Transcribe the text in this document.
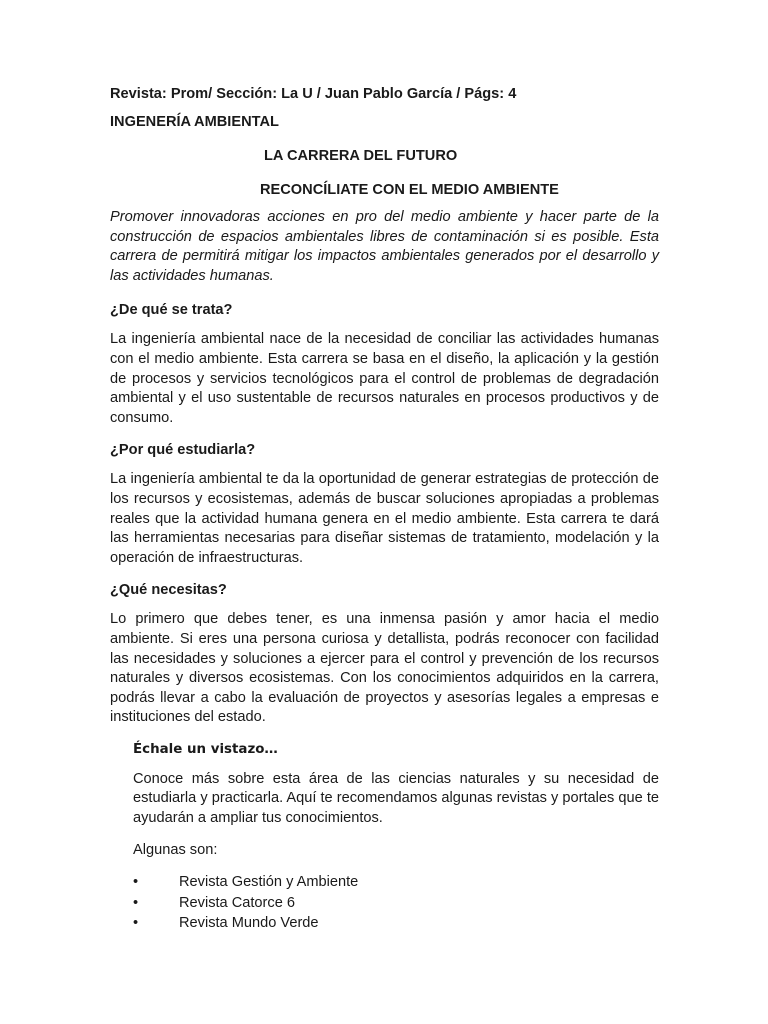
Revista: Prom/ Sección: La U / Juan Pablo García / Págs: 4
INGENERÍA AMBIENTAL
LA CARRERA DEL FUTURO
RECONCÍLIATE CON EL MEDIO AMBIENTE

Promover innovadoras acciones en pro del medio ambiente y hacer parte de la construcción de espacios ambientales libres de contaminación si es posible. Esta carrera de permitirá mitigar los impactos ambientales generados por el desarrollo y las actividades humanas.

¿De qué se trata?

La ingeniería ambiental nace de la necesidad de conciliar las actividades humanas con el medio ambiente. Esta carrera se basa en el diseño, la aplicación y la gestión de procesos y servicios tecnológicos para el control de problemas de degradación ambiental y el uso sustentable de recursos naturales en procesos productivos y de consumo.

¿Por qué estudiarla?

La ingeniería ambiental te da la oportunidad de generar estrategias de protección de los recursos y ecosistemas, además de buscar soluciones apropiadas a problemas reales que la actividad humana genera en el medio ambiente. Esta carrera te dará las herramientas necesarias para diseñar sistemas de tratamiento, modelación y la operación de infraestructuras.

¿Qué necesitas?

Lo primero que debes tener, es una inmensa pasión y amor hacia el medio ambiente. Si eres una persona curiosa y detallista, podrás reconocer con facilidad las necesidades y soluciones a ejercer para el control y prevención de los recursos naturales y diversos ecosistemas. Con los conocimientos adquiridos en la carrera, podrás llevar a cabo la evaluación de proyectos y asesorías legales a empresas e instituciones del estado.

Échale un vistazo…

Conoce más sobre esta área de las ciencias naturales y su necesidad de estudiarla y practicarla. Aquí te recomendamos algunas revistas y portales que te ayudarán a ampliar tus conocimientos.

Algunas son:

•	Revista Gestión y Ambiente
•	Revista Catorce 6
•	Revista Mundo Verde
